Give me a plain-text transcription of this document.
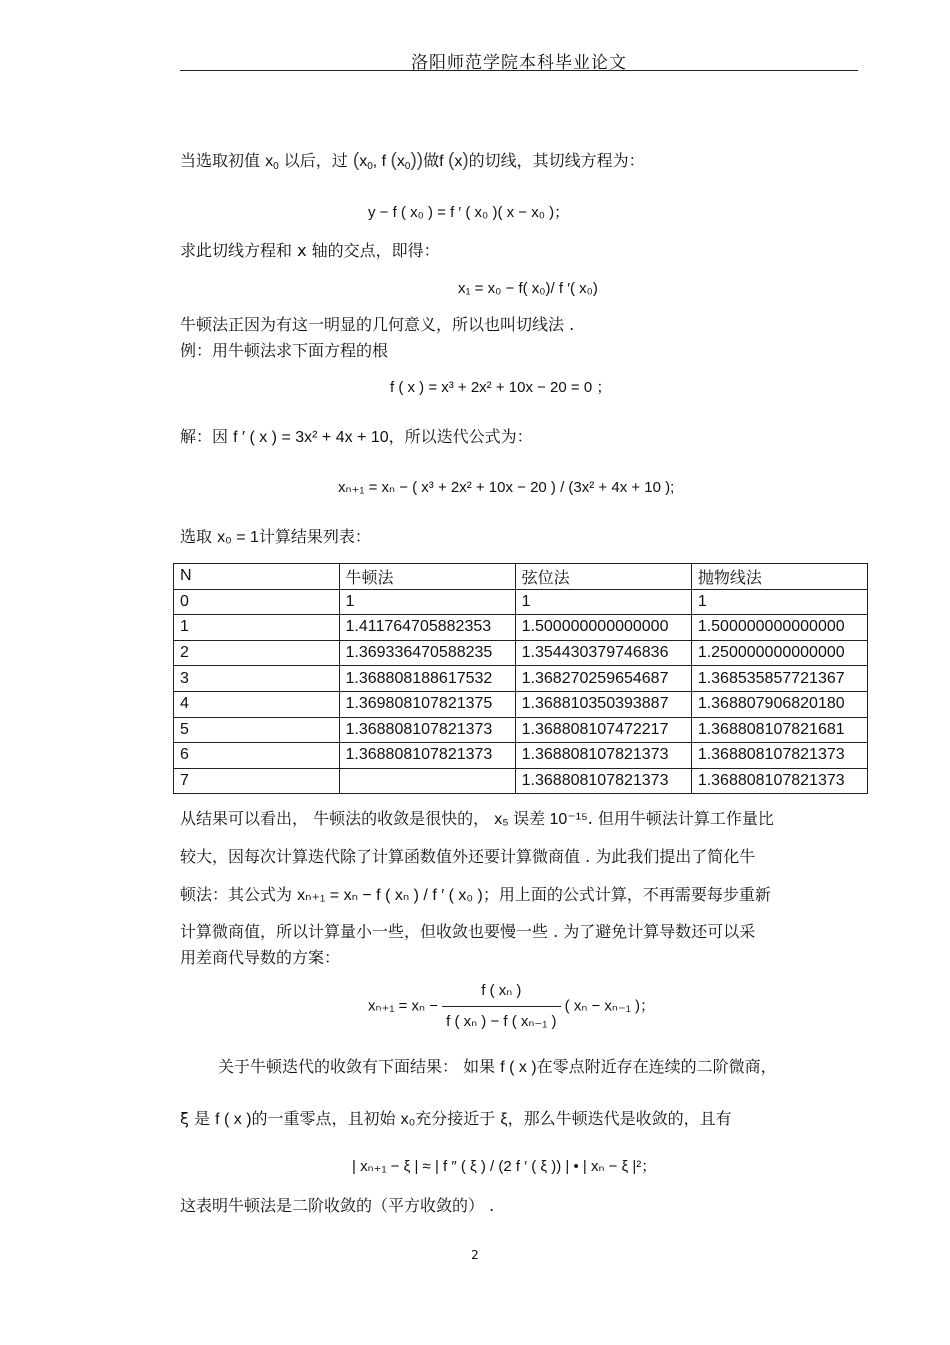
洛阳师范学院本科毕业论文
当选取初值 $x_0$ 以后，过 ($x_0$, f $(x_0)$)做f (x)的切线，其切线方程为：
y − f ( x₀ ) = f ′ ( x₀ )( x − x₀ )；
求此切线方程和 x 轴的交点，即得：
x₁ = x₀ − f( x₀)/ f ′( x₀)
牛顿法正因为有这一明显的几何意义，所以也叫切线法 .
例：用牛顿法求下面方程的根
f ( x ) = x³ + 2x² + 10x − 20 = 0 ；
解：因 f ′ ( x ) = 3x² + 4x + 10，所以迭代公式为：
xₙ₊₁ = xₙ − ( x³ + 2x² + 10x − 20 ) / (3x² + 4x + 10 );
选取 x₀ = 1计算结果列表：
N	牛顿法	弦位法	抛物线法
0	1	1	1
1	1.411764705882353	1.500000000000000	1.500000000000000
2	1.369336470588235	1.354430379746836	1.250000000000000
3	1.368808188617532	1.368270259654687	1.368535857721367
4	1.369808107821375	1.368810350393887	1.368807906820180
5	1.368808107821373	1.368808107472217	1.368808107821681
6	1.368808107821373	1.368808107821373	1.368808107821373
7		1.368808107821373	1.368808107821373
从结果可以看出， 牛顿法的收敛是很快的， x₅ 误差 10⁻¹⁵. 但用牛顿法计算工作量比
较大，因每次计算迭代除了计算函数值外还要计算微商值 . 为此我们提出了简化牛
顿法：其公式为 xₙ₊₁ = xₙ − f ( xₙ ) / f ′ ( x₀ )；用上面的公式计算，不再需要每步重新
计算微商值，所以计算量小一些，但收敛也要慢一些 . 为了避免计算导数还可以采
用差商代导数的方案：
$x_{n+1} = x_n - \frac{\text{f ( xₙ )}}{\text{f ( xₙ ) − f ( xₙ₋₁ )}}$ ( xₙ − xₙ₋₁ )；
关于牛顿迭代的收敛有下面结果： 如果 f ( x )在零点附近存在连续的二阶微商，
ξ 是 f ( x )的一重零点，且初始 x₀充分接近于 ξ，那么牛顿迭代是收敛的，且有
| xₙ₊₁ − ξ | ≈ | f ″ ( ξ ) / (2 f ′ ( ξ )) | • | xₙ − ξ |²；
这表明牛顿法是二阶收敛的（平方收敛的） .
2
